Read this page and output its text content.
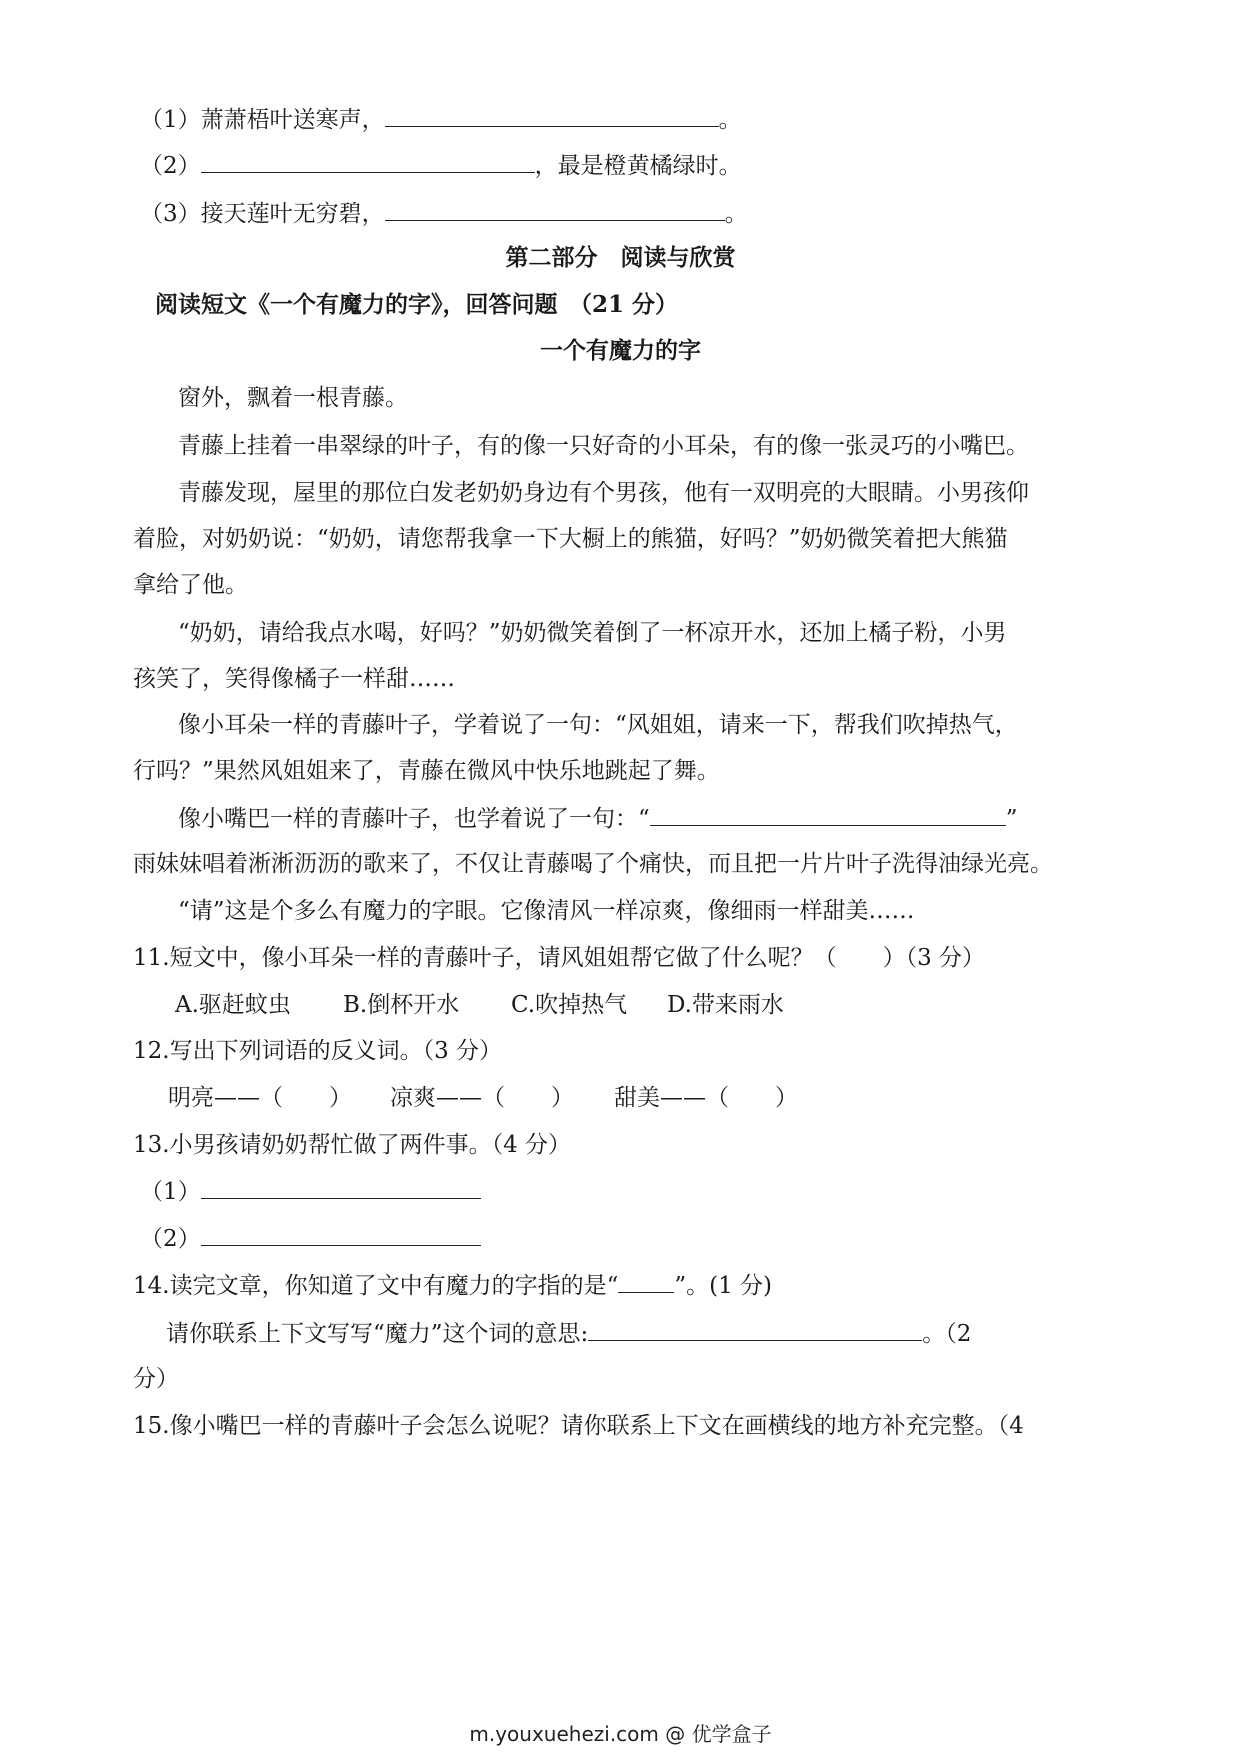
（1）萧萧梧叶送寒声，	。
（2）	，最是橙黄橘绿时。
（3）接天莲叶无穷碧，	。
第二部分　阅读与欣赏
阅读短文《一个有魔力的字》，回答问题　（21 分）
一个有魔力的字
窗外，飘着一根青藤。
青藤上挂着一串翠绿的叶子，有的像一只好奇的小耳朵，有的像一张灵巧的小嘴巴。
青藤发现，屋里的那位白发老奶奶身边有个男孩，他有一双明亮的大眼睛。小男孩仰
着脸，对奶奶说：“奶奶，请您帮我拿一下大橱上的熊猫，好吗？”奶奶微笑着把大熊猫
拿给了他。
“奶奶，请给我点水喝，好吗？”奶奶微笑着倒了一杯凉开水，还加上橘子粉，小男
孩笑了，笑得像橘子一样甜……
像小耳朵一样的青藤叶子，学着说了一句：“风姐姐，请来一下，帮我们吹掉热气，
行吗？”果然风姐姐来了，青藤在微风中快乐地跳起了舞。
像小嘴巴一样的青藤叶子，也学着说了一句：“	”
雨妹妹唱着淅淅沥沥的歌来了，不仅让青藤喝了个痛快，而且把一片片叶子洗得油绿光亮。
“请”这是个多么有魔力的字眼。它像清风一样凉爽，像细雨一样甜美……
11.短文中，像小耳朵一样的青藤叶子，请风姐姐帮它做了什么呢？（　　）（3 分）
A.驱赶蚊虫 B.倒杯开水 C.吹掉热气 D.带来雨水
12.写出下列词语的反义词。（3 分）
明亮——（　　） 凉爽——（　　） 甜美——（　　）
13.小男孩请奶奶帮忙做了两件事。（4 分）
（1）
（2）
14.读完文章，你知道了文中有魔力的字指的是“ ”。(1 分)
请你联系上下文写写“魔力”这个词的意思:	。（2
分）
15.像小嘴巴一样的青藤叶子会怎么说呢？请你联系上下文在画横线的地方补充完整。（4
m.youxuehezi.com @ 优学盒子
